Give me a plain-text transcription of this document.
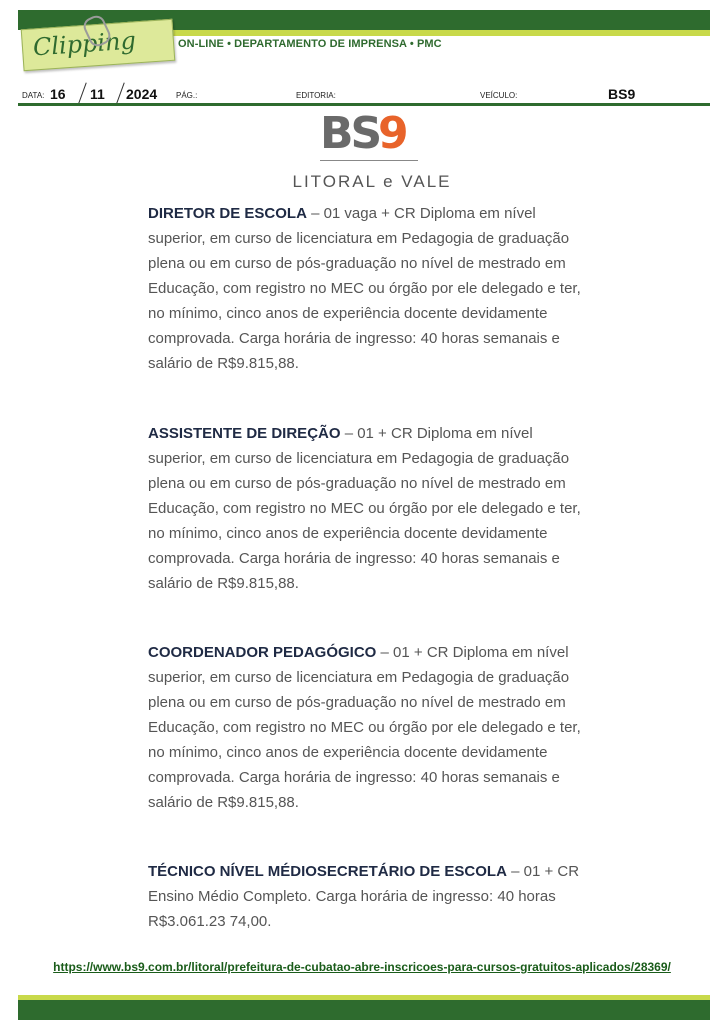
Clipping	ON-LINE • DEPARTAMENTO DE IMPRENSA • PMC
DATA: 16 11 2024 PÁG.:	EDITORIA:	VEÍCULO:	BS9
BS
9
LITORAL e VALE
DIRETOR DE ESCOLA – 01 vaga + CR Diploma em nível superior, em curso de licenciatura em Pedagogia de graduação plena ou em curso de pós-graduação no nível de mestrado em Educação, com registro no MEC ou órgão por ele delegado e ter, no mínimo, cinco anos de experiência docente devidamente comprovada. Carga horária de ingresso: 40 horas semanais e salário de R$9.815,88.
ASSISTENTE DE DIREÇÃO – 01 + CR Diploma em nível superior, em curso de licenciatura em Pedagogia de graduação plena ou em curso de pós-graduação no nível de mestrado em Educação, com registro no MEC ou órgão por ele delegado e ter, no mínimo, cinco anos de experiência docente devidamente comprovada. Carga horária de ingresso: 40 horas semanais e salário de R$9.815,88.
COORDENADOR PEDAGÓGICO – 01 + CR Diploma em nível superior, em curso de licenciatura em Pedagogia de graduação plena ou em curso de pós-graduação no nível de mestrado em Educação, com registro no MEC ou órgão por ele delegado e ter, no mínimo, cinco anos de experiência docente devidamente comprovada. Carga horária de ingresso: 40 horas semanais e salário de R$9.815,88.
TÉCNICO NÍVEL MÉDIOSECRETÁRIO DE ESCOLA – 01 + CR Ensino Médio Completo. Carga horária de ingresso: 40 horas R$3.061.23 74,00.
https://www.bs9.com.br/litoral/prefeitura-de-cubatao-abre-inscricoes-para-cursos-gratuitos-aplicados/28369/
